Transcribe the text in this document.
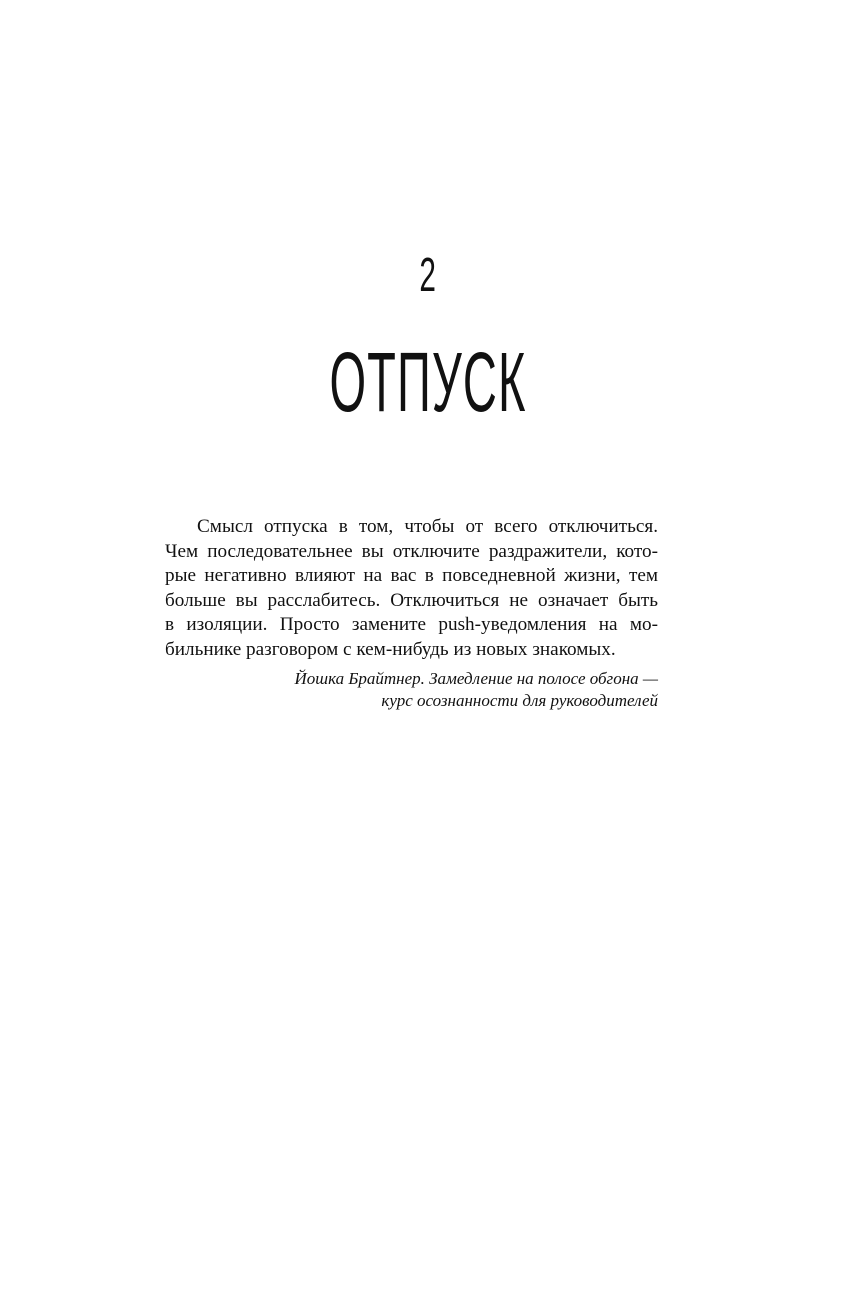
2
ОТПУСК

Смысл отпуска в том, чтобы от всего отключиться.
Чем последовательнее вы отключите раздражители, кото-
рые негативно влияют на вас в повседневной жизни, тем
больше вы расслабитесь. Отключиться не означает быть
в изоляции. Просто замените push-уведомления на мо-
бильнике разговором с кем-нибудь из новых знакомых.

Йошка Брайтнер. Замедление на полосе обгона —
курс осознанности для руководителей
